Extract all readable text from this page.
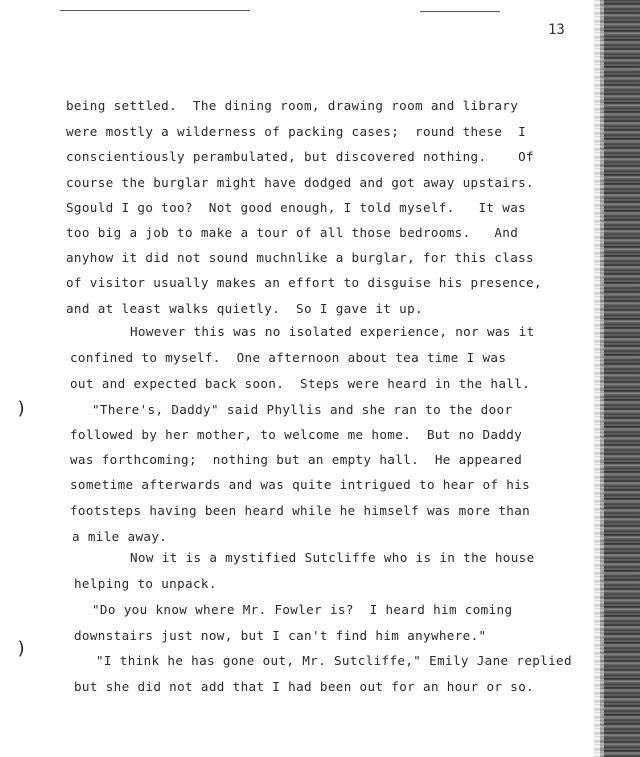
13
)
)
being settled.  The dining room, drawing room and library
were mostly a wilderness of packing cases;  round these  I
conscientiously perambulated, but discovered nothing.    Of
course the burglar might have dodged and got away upstairs.
Sgould I go too?  Not good enough, I told myself.   It was
too big a job to make a tour of all those bedrooms.   And
anyhow it did not sound muchnlike a burglar, for this class
of visitor usually makes an effort to disguise his presence,
and at least walks quietly.  So I gave it up.
However this was no isolated experience, nor was it
confined to myself.  One afternoon about tea time I was
out and expected back soon.  Steps were heard in the hall.
"There's, Daddy" said Phyllis and she ran to the door
followed by her mother, to welcome me home.  But no Daddy
was forthcoming;  nothing but an empty hall.  He appeared
sometime afterwards and was quite intrigued to hear of his
footsteps having been heard while he himself was more than
a mile away.
Now it is a mystified Sutcliffe who is in the house
helping to unpack.
"Do you know where Mr. Fowler is?  I heard him coming
downstairs just now, but I can't find him anywhere."
"I think he has gone out, Mr. Sutcliffe," Emily Jane replied
but she did not add that I had been out for an hour or so.
